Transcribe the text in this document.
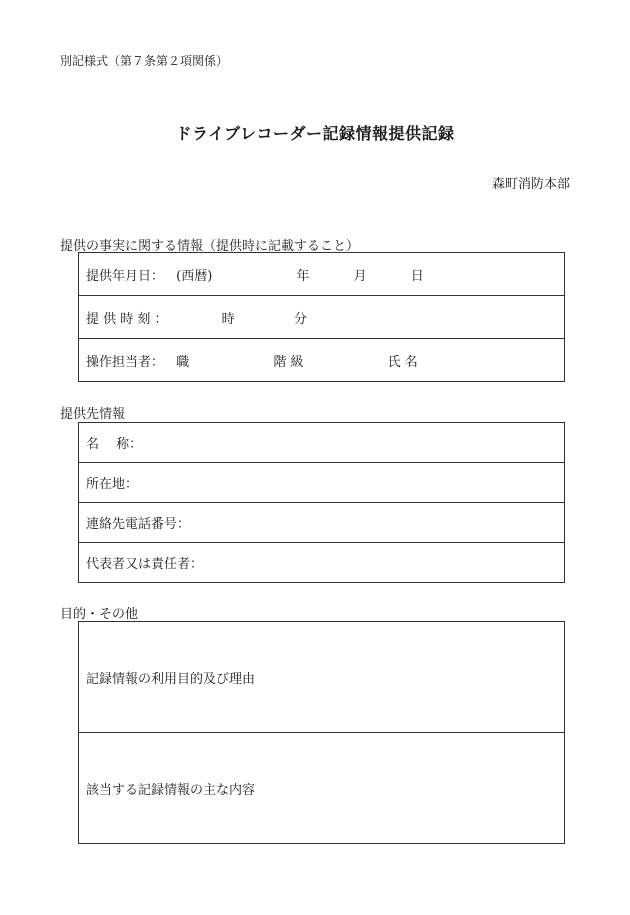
別記様式（第７条第２項関係）
ドライブレコーダー記録情報提供記録
森町消防本部
提供の事実に関する情報（提供時に記載すること）
提供年月日： (西暦)	年	月	日
提 供 時 刻 ：	時	分
操作担当者： 職	階 級	氏 名
提供先情報
名　 称：
所在地：
連絡先電話番号：
代表者又は責任者：
目的・その他
記録情報の利用目的及び理由
該当する記録情報の主な内容
